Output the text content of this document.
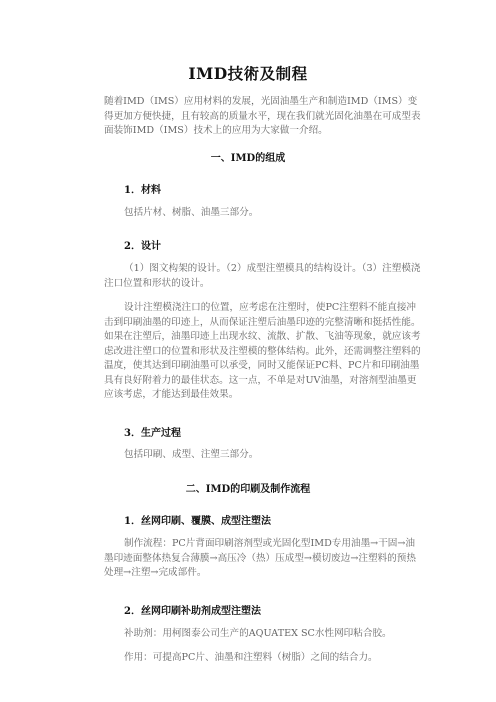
IMD技術及制程

随着IMD（IMS）应用材料的发展，光固油墨生产和制造IMD（IMS）变得更加方便快捷，且有较高的质量水平，现在我们就光固化油墨在可成型表面装饰IMD（IMS）技术上的应用为大家做一介绍。

一、IMD的组成
1．材料

包括片材、树脂、油墨三部分。

2．设计

（1）图文构架的设计。（2）成型注塑模具的结构设计。（3）注塑模浇注口位置和形状的设计。

设计注塑模浇注口的位置，应考虑在注塑时，使PC注塑料不能直接冲击到印刷油墨的印迹上，从而保证注塑后油墨印迹的完整清晰和挺括性能。如果在注塑后，油墨印迹上出现水纹、流散、扩散、飞油等现象，就应该考虑改进注塑口的位置和形状及注塑模的整体结构。此外，还需调整注塑料的温度，使其达到印刷油墨可以承受，同时又能保证PC料、PC片和印刷油墨具有良好附着力的最佳状态。这一点，不单是对UV油墨，对溶剂型油墨更应该考虑，才能达到最佳效果。

3．生产过程

包括印刷、成型、注塑三部分。

二、IMD的印刷及制作流程
1．丝网印刷、覆膜、成型注塑法

制作流程：PC片背面印刷溶剂型或光固化型IMD专用油墨→干固→油墨印迹面整体热复合薄膜→高压冷（热）压成型→模切废边→注塑料的预热处理→注塑→完成部件。

2．丝网印刷补助剂成型注塑法

补助剂：用柯图泰公司生产的AQUATEX SC水性网印粘合胶。

作用：可提高PC片、油墨和注塑料（树脂）之间的结合力。
